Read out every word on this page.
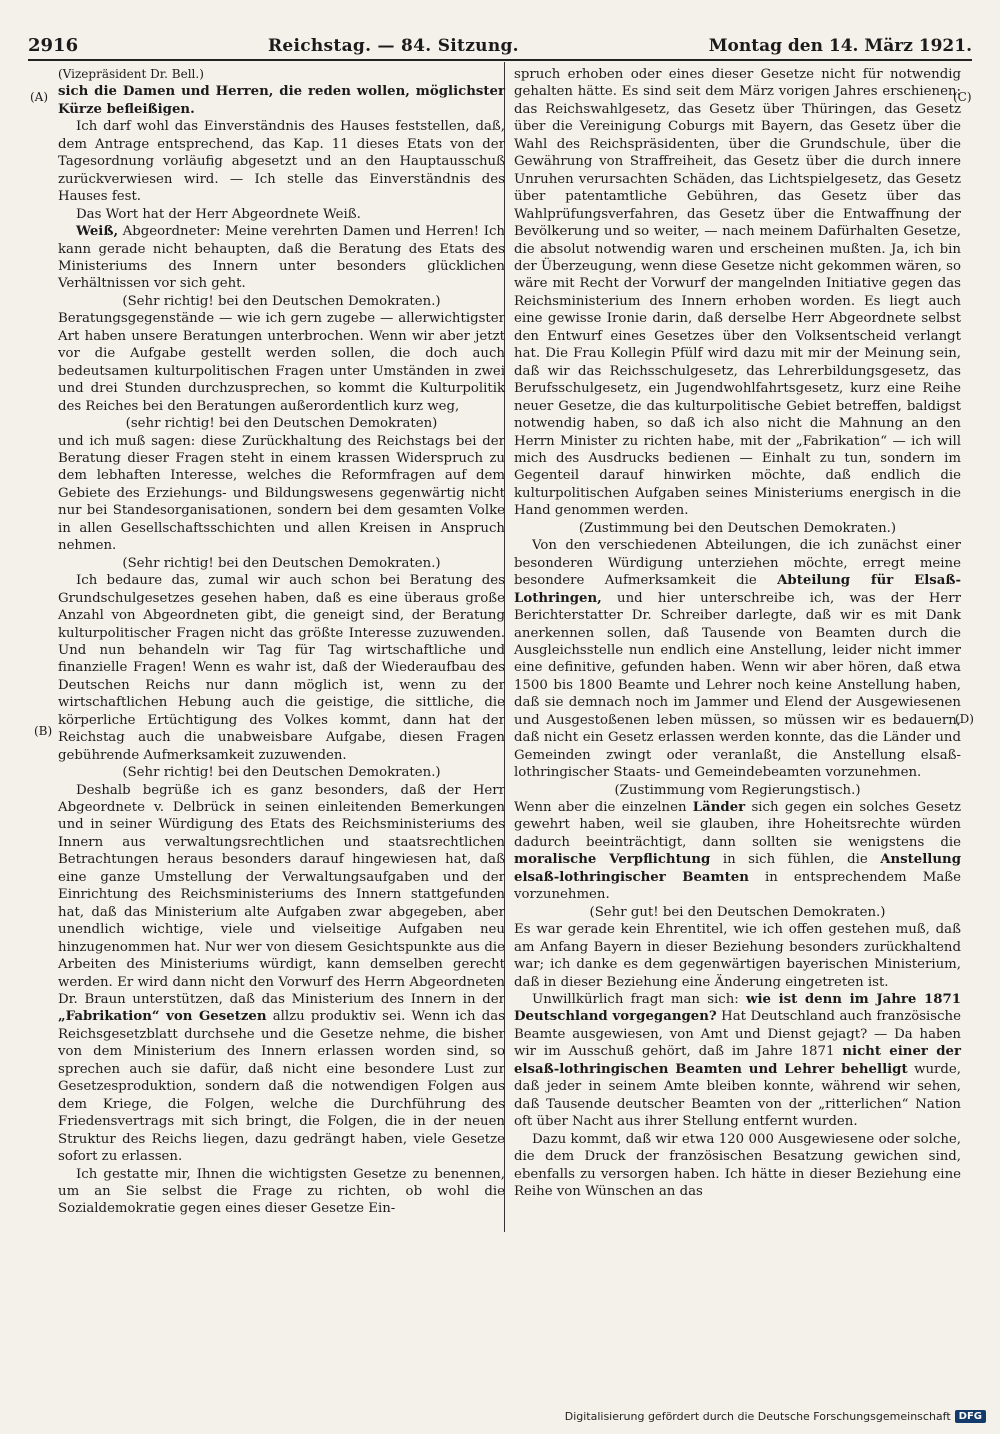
2916	Reichstag. — 84. Sitzung.	Montag den 14. März 1921.
(A)
(B)
(C)
(D)

(Vizepräsident Dr. Bell.)

sich die Damen und Herren, die reden wollen, möglichster Kürze befleißigen.

Ich darf wohl das Einverständnis des Hauses feststellen, daß, dem Antrage entsprechend, das Kap. 11 dieses Etats von der Tagesordnung vorläufig abgesetzt und an den Hauptausschuß zurückverwiesen wird. — Ich stelle das Einverständnis des Hauses fest.

Das Wort hat der Herr Abgeordnete Weiß.

Weiß, Abgeordneter: Meine verehrten Damen und Herren! Ich kann gerade nicht behaupten, daß die Beratung des Etats des Ministeriums des Innern unter besonders glücklichen Verhältnissen vor sich geht.

(Sehr richtig! bei den Deutschen Demokraten.)

Beratungsgegenstände — wie ich gern zugebe — allerwichtigster Art haben unsere Beratungen unterbrochen. Wenn wir aber jetzt vor die Aufgabe gestellt werden sollen, die doch auch bedeutsamen kulturpolitischen Fragen unter Umständen in zwei und drei Stunden durchzusprechen, so kommt die Kulturpolitik des Reiches bei den Beratungen außerordentlich kurz weg,

(sehr richtig! bei den Deutschen Demokraten)

und ich muß sagen: diese Zurückhaltung des Reichstags bei der Beratung dieser Fragen steht in einem krassen Widerspruch zu dem lebhaften Interesse, welches die Reformfragen auf dem Gebiete des Erziehungs- und Bildungswesens gegenwärtig nicht nur bei Standesorganisationen, sondern bei dem gesamten Volke in allen Gesellschaftsschichten und allen Kreisen in Anspruch nehmen.

(Sehr richtig! bei den Deutschen Demokraten.)

Ich bedaure das, zumal wir auch schon bei Beratung des Grundschulgesetzes gesehen haben, daß es eine überaus große Anzahl von Abgeordneten gibt, die geneigt sind, der Beratung kulturpolitischer Fragen nicht das größte Interesse zuzuwenden. Und nun behandeln wir Tag für Tag wirtschaftliche und finanzielle Fragen! Wenn es wahr ist, daß der Wiederaufbau des Deutschen Reichs nur dann möglich ist, wenn zu der wirtschaftlichen Hebung auch die geistige, die sittliche, die körperliche Ertüchtigung des Volkes kommt, dann hat der Reichstag auch die unabweisbare Aufgabe, diesen Fragen gebührende Aufmerksamkeit zuzuwenden.

(Sehr richtig! bei den Deutschen Demokraten.)

Deshalb begrüße ich es ganz besonders, daß der Herr Abgeordnete v. Delbrück in seinen einleitenden Bemerkungen und in seiner Würdigung des Etats des Reichsministeriums des Innern aus verwaltungsrechtlichen und staatsrechtlichen Betrachtungen heraus besonders darauf hingewiesen hat, daß eine ganze Umstellung der Verwaltungsaufgaben und der Einrichtung des Reichsministeriums des Innern stattgefunden hat, daß das Ministerium alte Aufgaben zwar abgegeben, aber unendlich wichtige, viele und vielseitige Aufgaben neu hinzugenommen hat. Nur wer von diesem Gesichtspunkte aus die Arbeiten des Ministeriums würdigt, kann demselben gerecht werden. Er wird dann nicht den Vorwurf des Herrn Abgeordneten Dr. Braun unterstützen, daß das Ministerium des Innern in der „Fabrikation“ von Gesetzen allzu produktiv sei. Wenn ich das Reichsgesetzblatt durchsehe und die Gesetze nehme, die bisher von dem Ministerium des Innern erlassen worden sind, so sprechen auch sie dafür, daß nicht eine besondere Lust zur Gesetzesproduktion, sondern daß die notwendigen Folgen aus dem Kriege, die Folgen, welche die Durchführung des Friedensvertrags mit sich bringt, die Folgen, die in der neuen Struktur des Reichs liegen, dazu gedrängt haben, viele Gesetze sofort zu erlassen.

Ich gestatte mir, Ihnen die wichtigsten Gesetze zu benennen, um an Sie selbst die Frage zu richten, ob wohl die Sozialdemokratie gegen eines dieser Gesetze Ein-

spruch erhoben oder eines dieser Gesetze nicht für notwendig gehalten hätte. Es sind seit dem März vorigen Jahres erschienen: das Reichswahlgesetz, das Gesetz über Thüringen, das Gesetz über die Vereinigung Coburgs mit Bayern, das Gesetz über die Wahl des Reichspräsidenten, über die Grundschule, über die Gewährung von Straffreiheit, das Gesetz über die durch innere Unruhen verursachten Schäden, das Lichtspielgesetz, das Gesetz über patentamtliche Gebühren, das Gesetz über das Wahlprüfungsverfahren, das Gesetz über die Entwaffnung der Bevölkerung und so weiter, — nach meinem Dafürhalten Gesetze, die absolut notwendig waren und erscheinen mußten. Ja, ich bin der Überzeugung, wenn diese Gesetze nicht gekommen wären, so wäre mit Recht der Vorwurf der mangelnden Initiative gegen das Reichsministerium des Innern erhoben worden. Es liegt auch eine gewisse Ironie darin, daß derselbe Herr Abgeordnete selbst den Entwurf eines Gesetzes über den Volksentscheid verlangt hat. Die Frau Kollegin Pfülf wird dazu mit mir der Meinung sein, daß wir das Reichsschulgesetz, das Lehrerbildungsgesetz, das Berufsschulgesetz, ein Jugendwohlfahrtsgesetz, kurz eine Reihe neuer Gesetze, die das kulturpolitische Gebiet betreffen, baldigst notwendig haben, so daß ich also nicht die Mahnung an den Herrn Minister zu richten habe, mit der „Fabrikation“ — ich will mich des Ausdrucks bedienen — Einhalt zu tun, sondern im Gegenteil darauf hinwirken möchte, daß endlich die kulturpolitischen Aufgaben seines Ministeriums energisch in die Hand genommen werden.

(Zustimmung bei den Deutschen Demokraten.)

Von den verschiedenen Abteilungen, die ich zunächst einer besonderen Würdigung unterziehen möchte, erregt meine besondere Aufmerksamkeit die Abteilung für Elsaß-Lothringen, und hier unterschreibe ich, was der Herr Berichterstatter Dr. Schreiber darlegte, daß wir es mit Dank anerkennen sollen, daß Tausende von Beamten durch die Ausgleichsstelle nun endlich eine Anstellung, leider nicht immer eine definitive, gefunden haben. Wenn wir aber hören, daß etwa 1500 bis 1800 Beamte und Lehrer noch keine Anstellung haben, daß sie demnach noch im Jammer und Elend der Ausgewiesenen und Ausgestoßenen leben müssen, so müssen wir es bedauern, daß nicht ein Gesetz erlassen werden konnte, das die Länder und Gemeinden zwingt oder veranlaßt, die Anstellung elsaß-lothringischer Staats- und Gemeindebeamten vorzunehmen.

(Zustimmung vom Regierungstisch.)

Wenn aber die einzelnen Länder sich gegen ein solches Gesetz gewehrt haben, weil sie glauben, ihre Hoheitsrechte würden dadurch beeinträchtigt, dann sollten sie wenigstens die moralische Verpflichtung in sich fühlen, die Anstellung elsaß-lothringischer Beamten in entsprechendem Maße vorzunehmen.

(Sehr gut! bei den Deutschen Demokraten.)

Es war gerade kein Ehrentitel, wie ich offen gestehen muß, daß am Anfang Bayern in dieser Beziehung besonders zurückhaltend war; ich danke es dem gegenwärtigen bayerischen Ministerium, daß in dieser Beziehung eine Änderung eingetreten ist.

Unwillkürlich fragt man sich: wie ist denn im Jahre 1871 Deutschland vorgegangen? Hat Deutschland auch französische Beamte ausgewiesen, von Amt und Dienst gejagt? — Da haben wir im Ausschuß gehört, daß im Jahre 1871 nicht einer der elsaß-lothringischen Beamten und Lehrer behelligt wurde, daß jeder in seinem Amte bleiben konnte, während wir sehen, daß Tausende deutscher Beamten von der „ritterlichen“ Nation oft über Nacht aus ihrer Stellung entfernt wurden.

Dazu kommt, daß wir etwa 120 000 Ausgewiesene oder solche, die dem Druck der französischen Besatzung gewichen sind, ebenfalls zu versorgen haben. Ich hätte in dieser Beziehung eine Reihe von Wünschen an das

Digitalisierung gefördert durch die Deutsche Forschungsgemeinschaft DFG
